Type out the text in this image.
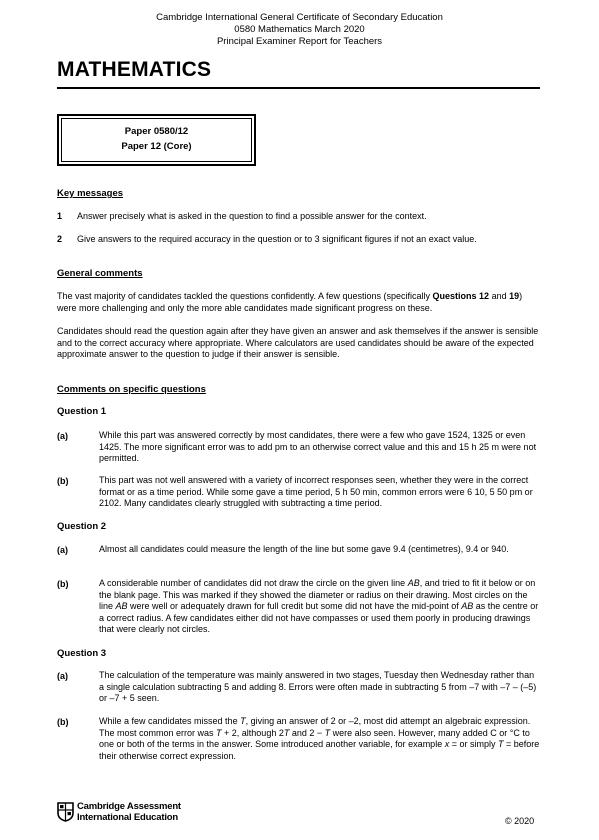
Cambridge International General Certificate of Secondary Education
0580 Mathematics March 2020
Principal Examiner Report for Teachers
MATHEMATICS
Paper 0580/12
Paper 12 (Core)
Key messages
1 Answer precisely what is asked in the question to find a possible answer for the context.
2 Give answers to the required accuracy in the question or to 3 significant figures if not an exact value.
General comments
The vast majority of candidates tackled the questions confidently. A few questions (specifically Questions 12 and 19) were more challenging and only the more able candidates made significant progress on these.
Candidates should read the question again after they have given an answer and ask themselves if the answer is sensible and to the correct accuracy where appropriate. Where calculators are used candidates should be aware of the expected approximate answer to the question to judge if their answer is sensible.
Comments on specific questions
Question 1
(a)	While this part was answered correctly by most candidates, there were a few who gave 1524, 1325 or even 1425. The more significant error was to add pm to an otherwise correct value and this and 15 h 25 m were not permitted.
(b)	This part was not well answered with a variety of incorrect responses seen, whether they were in the correct format or as a time period. While some gave a time period, 5 h 50 min, common errors were 6 10, 5 50 pm or 2102. Many candidates clearly struggled with subtracting a time period.
Question 2
(a)	Almost all candidates could measure the length of the line but some gave 9.4 (centimetres), 9.4 or 940.
(b)	A considerable number of candidates did not draw the circle on the given line AB, and tried to fit it below or on the blank page. This was marked if they showed the diameter or radius on their drawing. Most circles on the line AB were well or adequately drawn for full credit but some did not have the mid-point of AB as the centre or a correct radius. A few candidates either did not have compasses or used them poorly in producing drawings that were clearly not circles.
Question 3
(a)	The calculation of the temperature was mainly answered in two stages, Tuesday then Wednesday rather than a single calculation subtracting 5 and adding 8. Errors were often made in subtracting 5 from –7 with –7 – (–5) or –7 + 5 seen.
(b)	While a few candidates missed the T, giving an answer of 2 or –2, most did attempt an algebraic expression. The most common error was T + 2, although 2T and 2 − T were also seen. However, many added C or °C to one or both of the terms in the answer. Some introduced another variable, for example x = or simply T = before their otherwise correct expression.
Cambridge Assessment
International Education	© 2020
